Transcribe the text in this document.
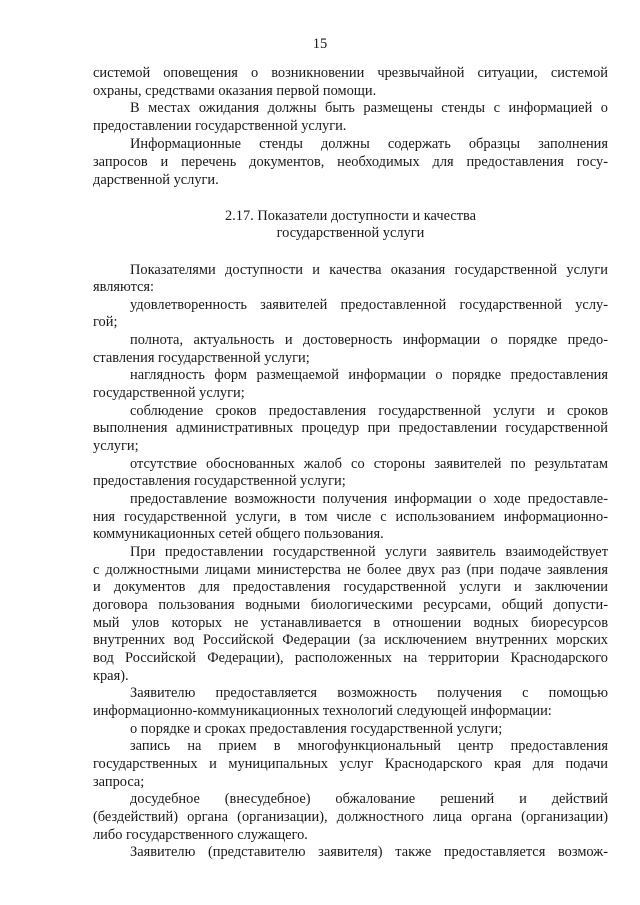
15
системой оповещения о возникновении чрезвычайной ситуации, системой
охраны, средствами оказания первой помощи.
В местах ожидания должны быть размещены стенды с информацией о
предоставлении государственной услуги.
Информационные стенды должны содержать образцы заполнения
запросов и перечень документов, необходимых для предоставления госу-
дарственной услуги.
2.17. Показатели доступности и качества
государственной услуги
Показателями доступности и качества оказания государственной услуги
являются:
удовлетворенность заявителей предоставленной государственной услу-
гой;
полнота, актуальность и достоверность информации о порядке предо-
ставления государственной услуги;
наглядность форм размещаемой информации о порядке предоставления
государственной услуги;
соблюдение сроков предоставления государственной услуги и сроков
выполнения административных процедур при предоставлении государственной
услуги;
отсутствие обоснованных жалоб со стороны заявителей по результатам
предоставления государственной услуги;
предоставление возможности получения информации о ходе предоставле-
ния государственной услуги, в том числе с использованием информационно-
коммуникационных сетей общего пользования.
При предоставлении государственной услуги заявитель взаимодействует
с должностными лицами министерства не более двух раз (при подаче заявления
и документов для предоставления государственной услуги и заключении
договора пользования водными биологическими ресурсами, общий допусти-
мый улов которых не устанавливается в отношении водных биоресурсов
внутренних вод Российской Федерации (за исключением внутренних морских
вод Российской Федерации), расположенных на территории Краснодарского
края).
Заявителю предоставляется возможность получения с помощью
информационно-коммуникационных технологий следующей информации:
о порядке и сроках предоставления государственной услуги;
запись на прием в многофункциональный центр предоставления
государственных и муниципальных услуг Краснодарского края для подачи
запроса;
досудебное (внесудебное) обжалование решений и действий
(бездействий) органа (организации), должностного лица органа (организации)
либо государственного служащего.
Заявителю (представителю заявителя) также предоставляется возмож-
